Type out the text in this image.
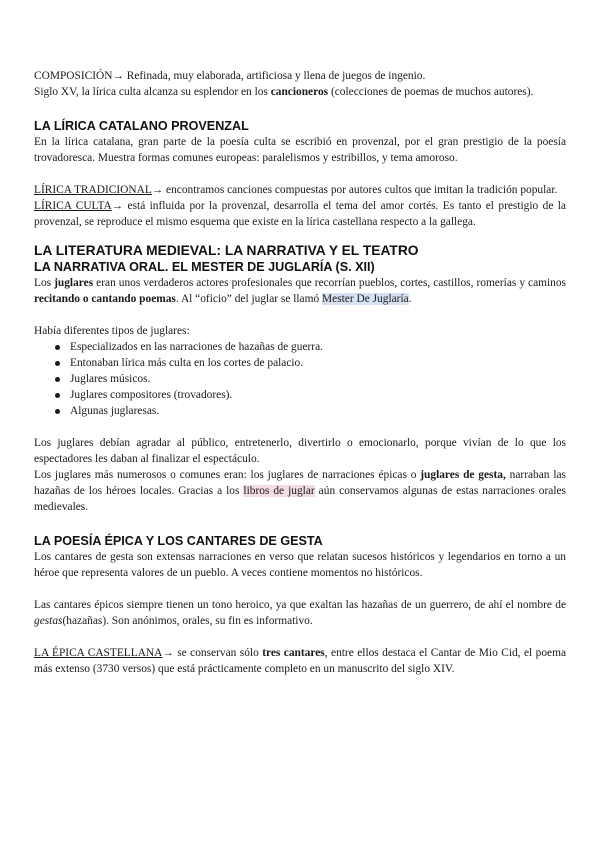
COMPOSICIÓN→ Refinada, muy elaborada, artificiosa y llena de juegos de ingenio.

Siglo XV, la lírica culta alcanza su esplendor en los cancioneros (colecciones de poemas de muchos autores).

LA LÍRICA CATALANO PROVENZAL

En la lírica catalana, gran parte de la poesía culta se escribió en provenzal, por el gran prestigio de la poesía trovadoresca. Muestra formas comunes europeas: paralelismos y estribillos, y tema amoroso.

LÍRICA TRADICIONAL→ encontramos canciones compuestas por autores cultos que imitan la tradición popular.

LÍRICA CULTA→ está influida por la provenzal, desarrolla el tema del amor cortés. Es tanto el prestigio de la provenzal, se reproduce el mismo esquema que existe en la lírica castellana respecto a la gallega.

LA LITERATURA MEDIEVAL: LA NARRATIVA Y EL TEATRO
LA NARRATIVA ORAL. EL MESTER DE JUGLARÍA (S. XII)

Los juglares eran unos verdaderos actores profesionales que recorrían pueblos, cortes, castillos, romerías y caminos recitando o cantando poemas. Al “oficio” del juglar se llamó Mester De Juglaría.

Había diferentes tipos de juglares:

Especializados en las narraciones de hazañas de guerra.
Entonaban lírica más culta en los cortes de palacio.
Juglares músicos.
Juglares compositores (trovadores).
Algunas juglaresas.

Los juglares debían agradar al público, entretenerlo, divertirlo o emocionarlo, porque vivían de lo que los espectadores les daban al finalizar el espectáculo.

Los juglares más numerosos o comunes eran: los juglares de narraciones épicas o juglares de gesta, narraban las hazañas de los héroes locales. Gracias a los libros de juglar aún conservamos algunas de estas narraciones orales medievales.

LA POESÍA ÉPICA Y LOS CANTARES DE GESTA

Los cantares de gesta son extensas narraciones en verso que relatan sucesos históricos y legendarios en torno a un héroe que representa valores de un pueblo. A veces contiene momentos no históricos.

Las cantares épicos siempre tienen un tono heroico, ya que exaltan las hazañas de un guerrero, de ahí el nombre de gestas(hazañas). Son anónimos, orales, su fin es informativo.

LA ÉPICA CASTELLANA→ se conservan sólo tres cantares, entre ellos destaca el Cantar de Mio Cid, el poema más extenso (3730 versos) que está prácticamente completo en un manuscrito del siglo XIV.
